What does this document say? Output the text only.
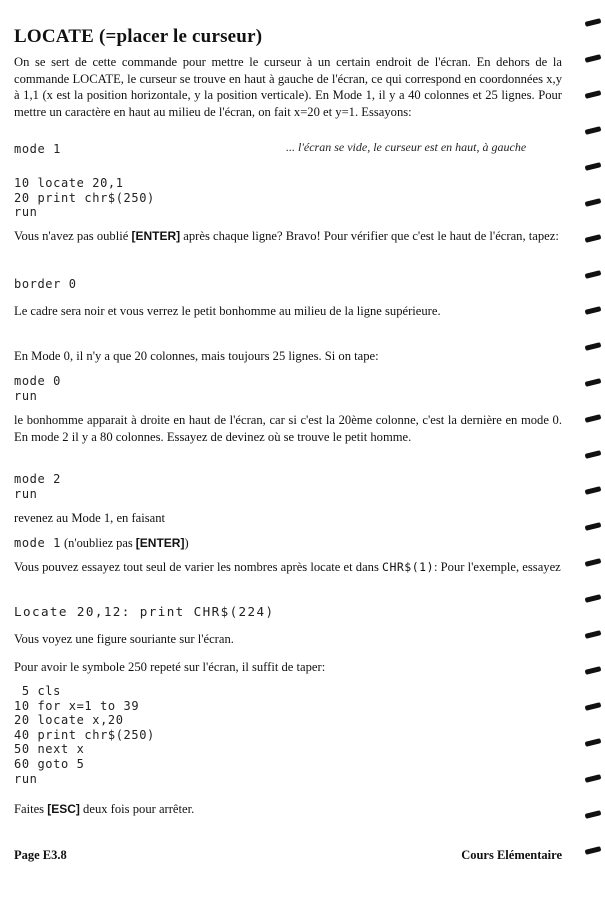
LOCATE (=placer le curseur)

On se sert de cette commande pour mettre le curseur à un certain endroit de l'écran. En dehors de la commande LOCATE, le curseur se trouve en haut à gauche de l'écran, ce qui correspond en coordonnées x,y à 1,1 (x est la position horizontale, y la position verticale). En Mode 1, il y a 40 colonnes et 25 lignes. Pour mettre un caractère en haut au milieu de l'écran, on fait x=20 et y=1. Essayons:

mode 1	... l'écran se vide, le curseur est en haut, à gauche
10 locate 20,1
20 print chr$(250)
run

Vous n'avez pas oublié [ENTER] après chaque ligne? Bravo! Pour vérifier que c'est le haut de l'écran, tapez:

border 0

Le cadre sera noir et vous verrez le petit bonhomme au milieu de la ligne supérieure.

En Mode 0, il n'y a que 20 colonnes, mais toujours 25 lignes. Si on tape:

mode 0
run

le bonhomme apparait à droite en haut de l'écran, car si c'est la 20ème colonne, c'est la dernière en mode 0. En mode 2 il y a 80 colonnes. Essayez de devinez où se trouve le petit homme.

mode 2
run

revenez au Mode 1, en faisant

mode 1 (n'oubliez pas [ENTER])

Vous pouvez essayez tout seul de varier les nombres après locate et dans CHR$(1): Pour l'exemple, essayez

Locate 20,12: print CHR$(224)

Vous voyez une figure souriante sur l'écran.

Pour avoir le symbole 250 repeté sur l'écran, il suffit de taper:

5 cls
10 for x=1 to 39
20 locate x,20
40 print chr$(250)
50 next x
60 goto 5
run

Faites [ESC] deux fois pour arrêter.

Page E3.8	Cours Elémentaire
